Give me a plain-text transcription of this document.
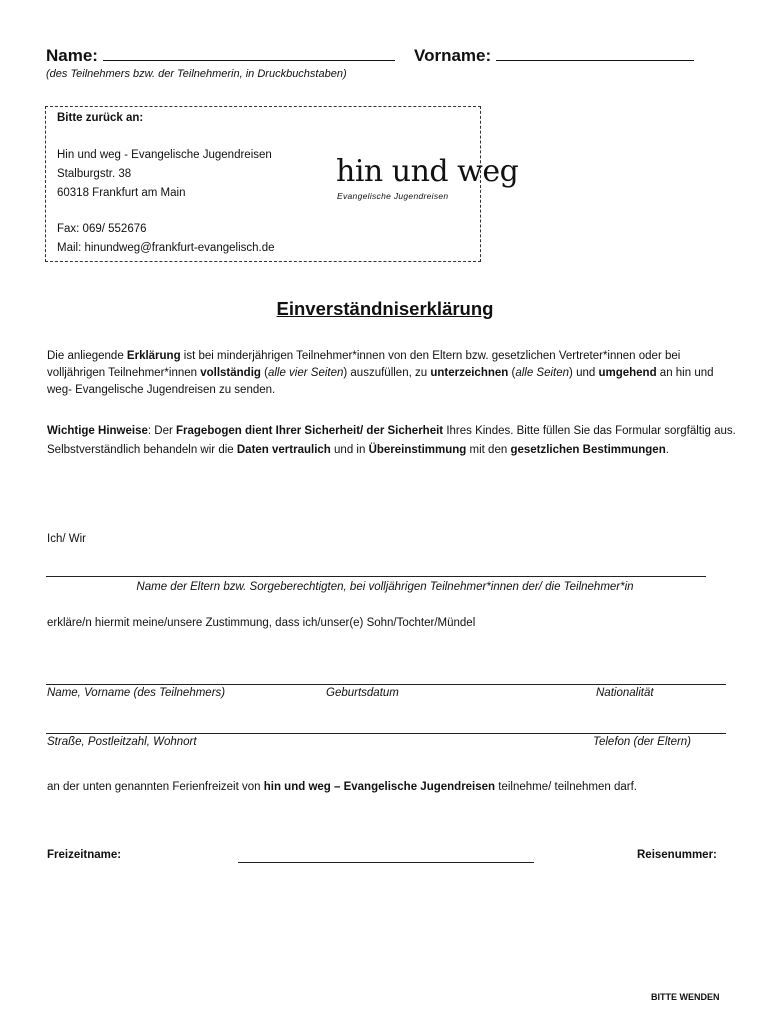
Name:	Vorname:
(des Teilnehmers bzw. der Teilnehmerin, in Druckbuchstaben)
Bitte zurück an:
Hin und weg - Evangelische Jugendreisen
Stalburgstr. 38
60318 Frankfurt am Main
Fax: 069/ 552676
Mail: hinundweg@frankfurt-evangelisch.de
hin und weg
Evangelische Jugendreisen
Einverständniserklärung
Die anliegende Erklärung ist bei minderjährigen Teilnehmer*innen von den Eltern bzw. gesetzlichen Vertreter*innen oder bei volljährigen Teilnehmer*innen vollständig (alle vier Seiten) auszufüllen, zu unterzeichnen (alle Seiten) und umgehend an hin und weg- Evangelische Jugendreisen zu senden.
Wichtige Hinweise: Der Fragebogen dient Ihrer Sicherheit/ der Sicherheit Ihres Kindes. Bitte füllen Sie das Formular sorgfältig aus. Selbstverständlich behandeln wir die Daten vertraulich und in Übereinstimmung mit den gesetzlichen Bestimmungen.
Ich/ Wir
Name der Eltern bzw. Sorgeberechtigten, bei volljährigen Teilnehmer*innen der/ die Teilnehmer*in
erkläre/n hiermit meine/unsere Zustimmung, dass ich/unser(e) Sohn/Tochter/Mündel
Name, Vorname (des Teilnehmers)	Geburtsdatum	Nationalität
Straße, Postleitzahl, Wohnort	Telefon (der Eltern)
an der unten genannten Ferienfreizeit von hin und weg – Evangelische Jugendreisen teilnehme/ teilnehmen darf.
Freizeitname:	Reisenummer:
BITTE WENDEN
